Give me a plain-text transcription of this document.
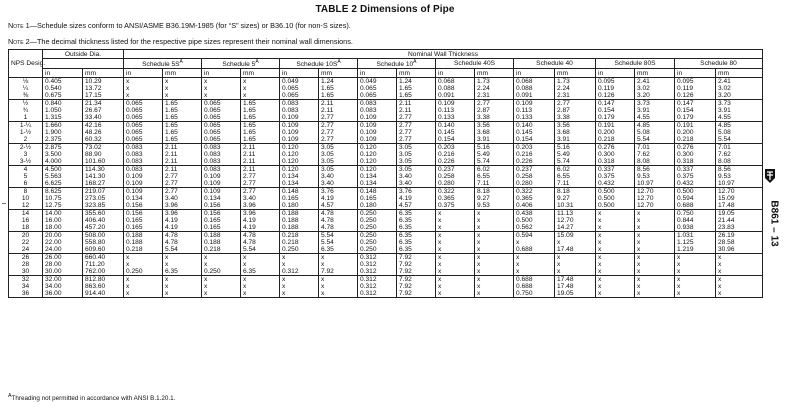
TABLE 2 Dimensions of Pipe
Note 1—Schedule sizes conform to ANSI/ASME B36.19M-1985 (for “S” sizes) or B36.10 (for non-S sizes).
Note 2—The decimal thickness listed for the respective pipe sizes represent their nominal wall dimensions.
NPS Desig.	Outside Dia.		Nominal Wall Thickness															
			Schedule $5S^A$		Schedule $5^A$		Schedule $10S^A$		Schedule $10^A$		Schedule 40S		Schedule 40		Schedule 80S		Schedule 80	
	in	mm	in	mm	in	mm	in	mm	in	mm	in	mm	in	mm	in	mm	in	mm
⅛	0.405	10.29	x	x	x	x	0.049	1.24	0.049	1.24	0.068	1.73	0.068	1.73	0.095	2.41	0.095	2.41
¼	0.540	13.72	x	x	x	x	0.065	1.65	0.065	1.65	0.088	2.24	0.088	2.24	0.119	3.02	0.119	3.02
⅜	0.675	17.15	x	x	x	x	0.065	1.65	0.065	1.65	0.091	2.31	0.091	2.31	0.126	3.20	0.126	3.20
½	0.840	21.34	0.065	1.65	0.065	1.65	0.083	2.11	0.083	2.11	0.109	2.77	0.109	2.77	0.147	3.73	0.147	3.73
¾	1.050	26.67	0.065	1.65	0.065	1.65	0.083	2.11	0.083	2.11	0.113	2.87	0.113	2.87	0.154	3.91	0.154	3.91
1	1.315	33.40	0.065	1.65	0.065	1.65	0.109	2.77	0.109	2.77	0.133	3.38	0.133	3.38	0.179	4.55	0.179	4.55
1-¼	1.660	42.16	0.065	1.65	0.065	1.65	0.109	2.77	0.109	2.77	0.140	3.56	0.140	3.56	0.191	4.85	0.191	4.85
1-½	1.900	48.26	0.065	1.65	0.065	1.65	0.109	2.77	0.109	2.77	0.145	3.68	0.145	3.68	0.200	5.08	0.200	5.08
2	2.375	60.32	0.065	1.65	0.065	1.65	0.109	2.77	0.109	2.77	0.154	3.91	0.154	3.91	0.218	5.54	0.218	5.54
2-½	2.875	73.02	0.083	2.11	0.083	2.11	0.120	3.05	0.120	3.05	0.203	5.16	0.203	5.16	0.276	7.01	0.276	7.01
3	3.500	88.90	0.083	2.11	0.083	2.11	0.120	3.05	0.120	3.05	0.216	5.49	0.216	5.49	0.300	7.62	0.300	7.62
3-½	4.000	101.60	0.083	2.11	0.083	2.11	0.120	3.05	0.120	3.05	0.226	5.74	0.226	5.74	0.318	8.08	0.318	8.08
4	4.500	114.30	0.083	2.11	0.083	2.11	0.120	3.05	0.120	3.05	0.237	6.02	0.237	6.02	0.337	8.56	0.337	8.56
5	5.563	141.30	0.109	2.77	0.109	2.77	0.134	3.40	0.134	3.40	0.258	6.55	0.258	6.55	0.375	9.53	0.375	9.53
6	6.625	168.27	0.109	2.77	0.109	2.77	0.134	3.40	0.134	3.40	0.280	7.11	0.280	7.11	0.432	10.97	0.432	10.97
8	8.625	219.07	0.109	2.77	0.109	2.77	0.148	3.76	0.148	3.76	0.322	8.18	0.322	8.18	0.500	12.70	0.500	12.70
10	10.75	273.05	0.134	3.40	0.134	3.40	0.165	4.19	0.165	4.19	0.365	9.27	0.365	9.27	0.500	12.70	0.594	15.09
12	12.75	323.85	0.156	3.96	0.156	3.96	0.180	4.57	0.180	4.57	0.375	9.53	0.406	10.31	0.500	12.70	0.688	17.48
14	14.00	355.60	0.156	3.96	0.156	3.96	0.188	4.78	0.250	6.35	x	x	0.438	11.13	x	x	0.750	19.05
16	16.00	406.40	0.165	4.19	0.165	4.19	0.188	4.78	0.250	6.35	x	x	0.500	12.70	x	x	0.844	21.44
18	18.00	457.20	0.165	4.19	0.165	4.19	0.188	4.78	0.250	6.35	x	x	0.562	14.27	x	x	0.938	23.83
20	20.00	508.00	0.188	4.78	0.188	4.78	0.218	5.54	0.250	6.35	x	x	0.594	15.09	x	x	1.031	26.19
22	22.00	558.80	0.188	4.78	0.188	4.78	0.218	5.54	0.250	6.35	x	x	x	x	x	x	1.125	28.58
24	24.00	609.60	0.218	5.54	0.218	5.54	0.250	6.35	0.250	6.35	x	x	0.688	17.48	x	x	1.219	30.96
26	26.00	660.40	x	x	x	x	x	x	0.312	7.92	x	x	x	x	x	x	x	x
28	28.00	711.20	x	x	x	x	x	x	0.312	7.92	x	x	x	x	x	x	x	x
30	30.00	762.00	0.250	6.35	0.250	6.35	0.312	7.92	0.312	7.92	x	x	x	x	x	x	x	x
32	32.00	812.80	x	x	x	x	x	x	0.312	7.92	x	x	0.688	17.48	x	x	x	x
34	34.00	863.60	x	x	x	x	x	x	0.312	7.92	x	x	0.688	17.48	x	x	x	x
36	36.00	914.40	x	x	x	x	x	x	0.312	7.92	x	x	0.750	19.05	x	x	x	x
$^A$Threading not permitted in accordance with ANSI B.1.20.1.
B861 – 13
